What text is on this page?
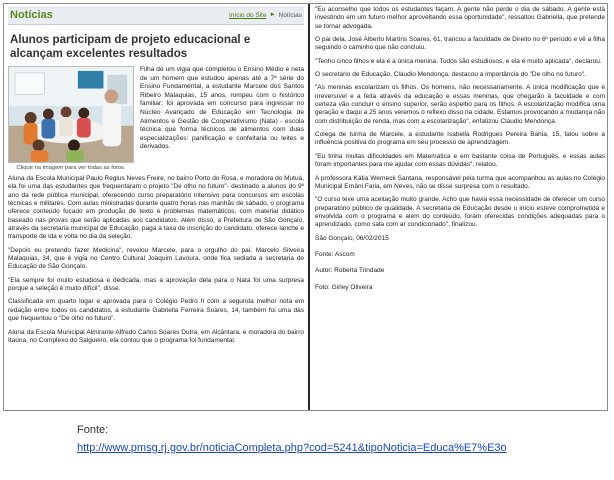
Notícias	Início do Site ► Notícias
Alunos participam de projeto educacional e alcançam excelentes resultados
Clique na imagem para ver todas as fotos.

Filha de um vigia que completou o Ensino Médio e neta de um homem que estudou apenas até a 7ª série do Ensino Fundamental, a estudante Marcele dos Santos Ribeiro Malaquias, 15 anos, rompeu com o histórico familiar: foi aprovada em concurso para ingressar no Núcleo Avançado de Educação em Tecnologia de Alimentos e Gestão de Cooperativismo (Nata) - escola técnica que forma técnicos de alimentos com duas especializações: panificação e confeitaria ou leites e derivados.

Aluna da Escola Municipal Paulo Reglus Neves Freire, no bairro Porto do Rosa, e moradora do Mutuá, ela foi uma das estudantes que frequentaram o projeto "De olho no futuro"- destinado a alunos do 9º ano da rede pública municipal, oferecendo curso preparatório intensivo para concursos em escolas técnicas e militares. Com aulas ministradas durante quatro horas nas manhãs de sábado, o programa oferece conteúdo focado em produção de texto e problemas matemáticos, com material didático baseado nas provas que serão aplicadas aos candidatos. Além disso, a Prefeitura de São Gonçalo, através da secretaria municipal de Educação, paga a taxa de inscrição do candidato, oferece lanche e transporte de ida e volta no dia da seleção.

"Depois eu pretendo fazer Medicina", revelou Marcele, para o orgulho do pai, Marcelo Silveira Malaquias, 34, que é vigia no Centro Cultural Joaquim Lavoura, onde fica sediada a secretaria de Educação de São Gonçalo.

"Ela sempre foi muito estudiosa e dedicada, mas a aprovação dela para o Nata foi uma surpresa porque a seleção é muito difícil", disse.

Classificada em quarto lugar e aprovada para o Colégio Pedro II com a segunda melhor nota em redação entre todos os candidatos, a estudante Gabriella Ferreira Soares, 14, também foi uma das que frequentou o "De olho no futuro".

Aluna da Escola Municipal Almirante Alfredo Carlos Soares Dutra, em Alcântara, e moradora do bairro Itaúna, no Complexo do Salgueiro, ela contou que o programa foi fundamental.

"Eu aconselho que todos os estudantes façam. A gente não perde o dia de sábado. A gente está investindo em um futuro melhor aproveitando essa oportunidade", ressaltou Gabriella, que pretende se tornar advogada.

O pai dela, José Alberto Martins Soares, 61, trancou a faculdade de Direito no 6º período e vê a filha seguindo o caminho que não concluiu.

"Tenho cinco filhos e ela é a única menina. Todos são estudiosos, e ela é muito aplicada", declarou.

O secretário de Educação, Cláudio Mendonça, destacou a importância do "De olho no futuro".

"As meninas escolarizam os filhos. Os homens, não necessariamente. A única modificação que é irreversível e a feita através da educação e essas meninas, que chegarão à faculdade e com certeza vão concluir o ensino superior, serão espelho para os filhos. A escolarização modifica uma geração e daqui a 25 anos veremos o reflexo disso na cidade. Estamos provocando a mudança não com distribuição de renda, mas com a escolarização", enfatizou Cláudio Mendonça.

Colega de turma de Marcele, a estudante Isabella Rodrigues Pereira Bahia, 15, falou sobre a influência positiva do programa em seu processo de aprendizagem.

"Eu tinha muitas dificuldades em Matemática e em bastante coisa de Português, e essas aulas foram importantes para me ajudar com essas dúvidas", relatou.

A professora Kátia Werneck Santana, responsável pela turma que acompanhou as aulas no Colégio Municipal Ernâni Faria, em Neves, não se disse surpresa com o resultado.

"O curso teve uma aceitação muito grande. Acho que havia essa necessidade de oferecer um curso preparatório público de qualidade. A secretaria de Educação desde o início esteve comprometida e envolvida com o programa e além do conteúdo, foram oferecidas condições adequadas para o aprendizado, como sala com ar condicionado", finalizou.

São Gonçalo, 06/02/2015

Fonte: Ascom

Autor: Roberta Trindade

Foto: Girley Oliveira

Fonte:
http://www.pmsg.rj.gov.br/noticiaCompleta.php?cod=5241&tipoNoticia=Educa%E7%E3o
